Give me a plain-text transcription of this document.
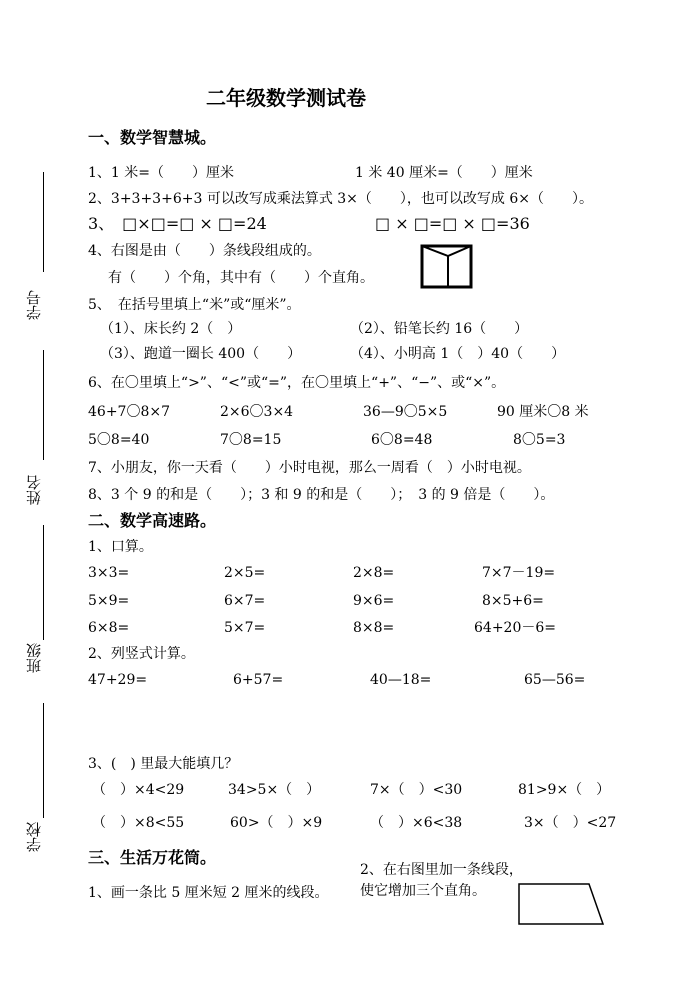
二年级数学测试卷
学号
姓名
班级
学校
一、数学智慧城。
1、1 米=（　　）厘米	1 米 40 厘米=（　　）厘米
2、3+3+3+6+3 可以改写成乘法算式 3×（　　），也可以改写成 6×（　　）。
3、　□×□=□ × □=24	□ × □=□ × □=36
4、右图是由（　　）条线段组成的。
有（　　）个角，其中有（　　）个直角。
5、　在括号里填上“米”或“厘米”。
（1）、床长约 2（　）	（2）、铅笔长约 16（　　）
（3）、跑道一圈长 400（　　）	（4）、小明高 1（　）40（　　）
6、在〇里填上“>”、“<”或“=”，在〇里填上“+”、“−”、或“×”。
46+7〇8×7	2×6〇3×4	36—9〇5×5	90 厘米〇8 米
5〇8=40	7〇8=15	6〇8=48	8〇5=3
7、小朋友，你一天看（　　）小时电视，那么一周看（　）小时电视。
8、3 个 9 的和是（　　）；3 和 9 的和是（　　）；　3 的 9 倍是（　　）。
二、数学高速路。
1、口算。
3×3=	2×5=	2×8=	7×7－19=
5×9=	6×7=	9×6=	8×5+6=
6×8=	5×7=	8×8=	64+20－6=
2、列竖式计算。
47+29=	6+57=	40—18=	65—56=
3、(　) 里最大能填几？
（　）×4<29	34>5×（　）	7×（　）<30	81>9×（　）
（　）×8<55	60>（　）×9	（　）×6<38	3×（　）<27
三、生活万花筒。
1、画一条比 5 厘米短 2 厘米的线段。
2、在右图里加一条线段，
使它增加三个直角。
